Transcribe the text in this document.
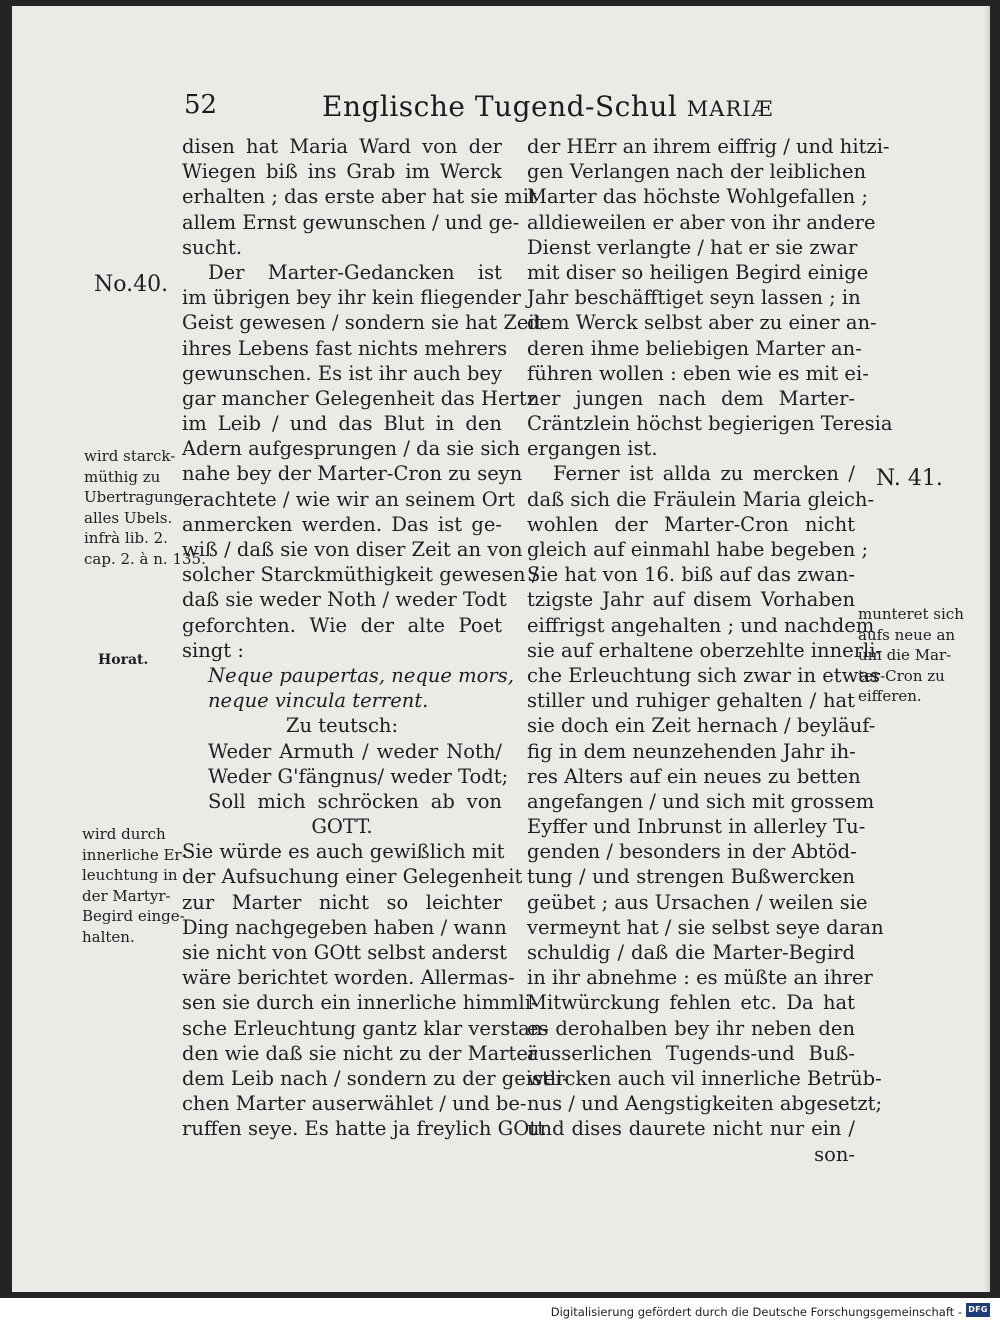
52	Englische Tugend-Schul MARIÆ
disen hat Maria Ward von der
Wiegen biß ins Grab im Werck
erhalten ; das erste aber hat sie mit
allem Ernst gewunschen / und ge-
sucht.
Der Marter-Gedancken ist
im übrigen bey ihr kein fliegender
Geist gewesen / sondern sie hat Zeit
ihres Lebens fast nichts mehrers
gewunschen. Es ist ihr auch bey
gar mancher Gelegenheit das Hertz
im Leib / und das Blut in den
Adern aufgesprungen / da sie sich
nahe bey der Marter-Cron zu seyn
erachtete / wie wir an seinem Ort
anmercken werden. Das ist ge-
wiß / daß sie von diser Zeit an von
solcher Starckmüthigkeit gewesen /
daß sie weder Noth / weder Todt
geforchten. Wie der alte Poet
singt :
Neque paupertas, neque mors,
neque vincula terrent.
Zu teutsch:
Weder Armuth / weder Noth/
Weder G'fängnus/ weder Todt;
Soll mich schröcken ab von
GOTT.
Sie würde es auch gewißlich mit
der Aufsuchung einer Gelegenheit
zur Marter nicht so leichter
Ding nachgegeben haben / wann
sie nicht von GOtt selbst anderst
wäre berichtet worden. Allermas-
sen sie durch ein innerliche himmli-
sche Erleuchtung gantz klar verstan-
den wie daß sie nicht zu der Marter
dem Leib nach / sondern zu der geistli-
chen Marter auserwählet / und be-
ruffen seye. Es hatte ja freylich GOtt
der HErr an ihrem eiffrig / und hitzi-
gen Verlangen nach der leiblichen
Marter das höchste Wohlgefallen ;
alldieweilen er aber von ihr andere
Dienst verlangte / hat er sie zwar
mit diser so heiligen Begird einige
Jahr beschäfftiget seyn lassen ; in
dem Werck selbst aber zu einer an-
deren ihme beliebigen Marter an-
führen wollen : eben wie es mit ei-
ner jungen nach dem Marter-
Cräntzlein höchst begierigen Teresia
ergangen ist.
Ferner ist allda zu mercken /
daß sich die Fräulein Maria gleich-
wohlen der Marter-Cron nicht
gleich auf einmahl habe begeben ;
Sie hat von 16. biß auf das zwan-
tzigste Jahr auf disem Vorhaben
eiffrigst angehalten ; und nachdem
sie auf erhaltene oberzehlte innerli-
che Erleuchtung sich zwar in etwas
stiller und ruhiger gehalten / hat
sie doch ein Zeit hernach / beyläuf-
fig in dem neunzehenden Jahr ih-
res Alters auf ein neues zu betten
angefangen / und sich mit grossem
Eyffer und Inbrunst in allerley Tu-
genden / besonders in der Abtöd-
tung / und strengen Bußwercken
geübet ; aus Ursachen / weilen sie
vermeynt hat / sie selbst seye daran
schuldig / daß die Marter-Begird
in ihr abnehme : es müßte an ihrer
Mitwürckung fehlen etc. Da hat
es derohalben bey ihr neben den
äusserlichen Tugends-und Buß-
wercken auch vil innerliche Betrüb-
nus / und Aengstigkeiten abgesetzt;
und dises daurete nicht nur ein /
son-
No.40.
wird starck-
müthig zu
Ubertragung
alles Ubels.
infrà lib. 2.
cap. 2. à n. 135.
Horat.
wird durch
innerliche Er-
leuchtung in
der Martyr-
Begird einge-
halten.
N. 41.
munteret sich
aufs neue an
um die Mar-
ter-Cron zu
eifferen.
Digitalisierung gefördert durch die Deutsche Forschungsgemeinschaft - DFG
